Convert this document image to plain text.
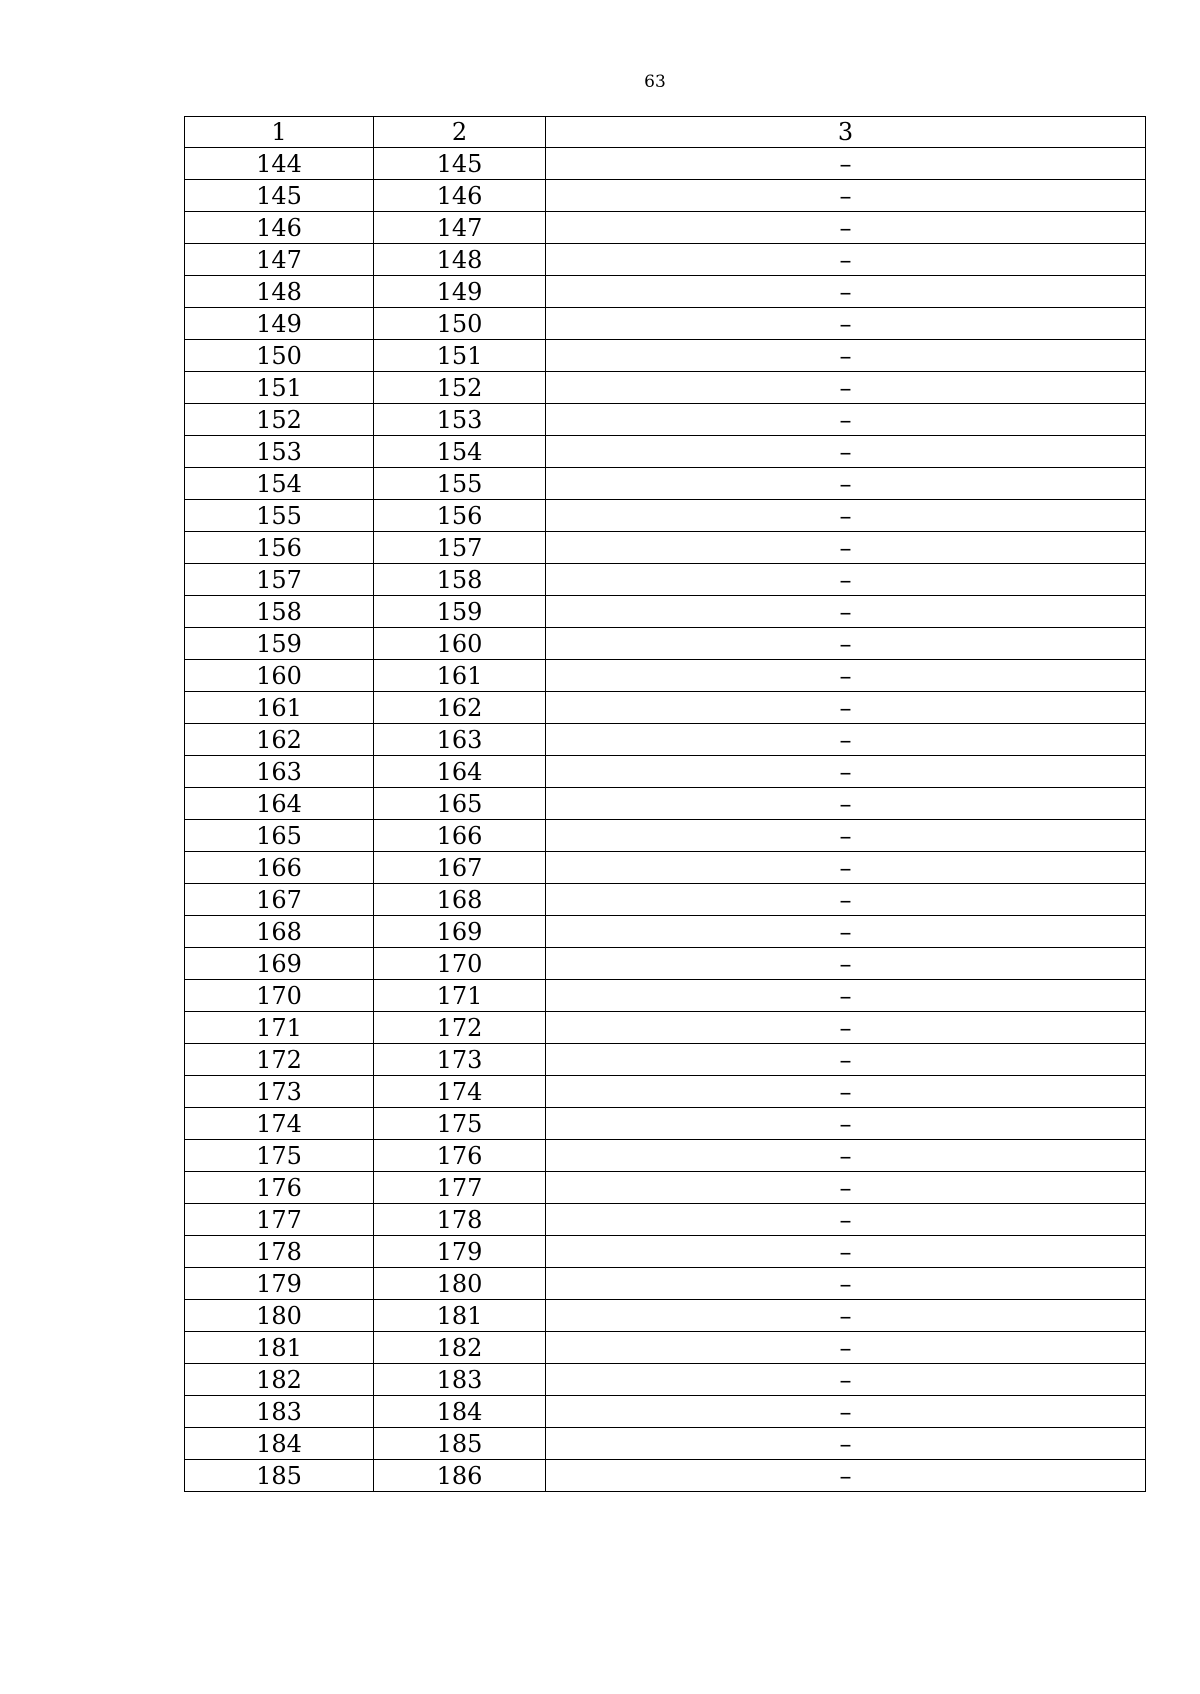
63
1	2	3
144	145	–
145	146	–
146	147	–
147	148	–
148	149	–
149	150	–
150	151	–
151	152	–
152	153	–
153	154	–
154	155	–
155	156	–
156	157	–
157	158	–
158	159	–
159	160	–
160	161	–
161	162	–
162	163	–
163	164	–
164	165	–
165	166	–
166	167	–
167	168	–
168	169	–
169	170	–
170	171	–
171	172	–
172	173	–
173	174	–
174	175	–
175	176	–
176	177	–
177	178	–
178	179	–
179	180	–
180	181	–
181	182	–
182	183	–
183	184	–
184	185	–
185	186	–
